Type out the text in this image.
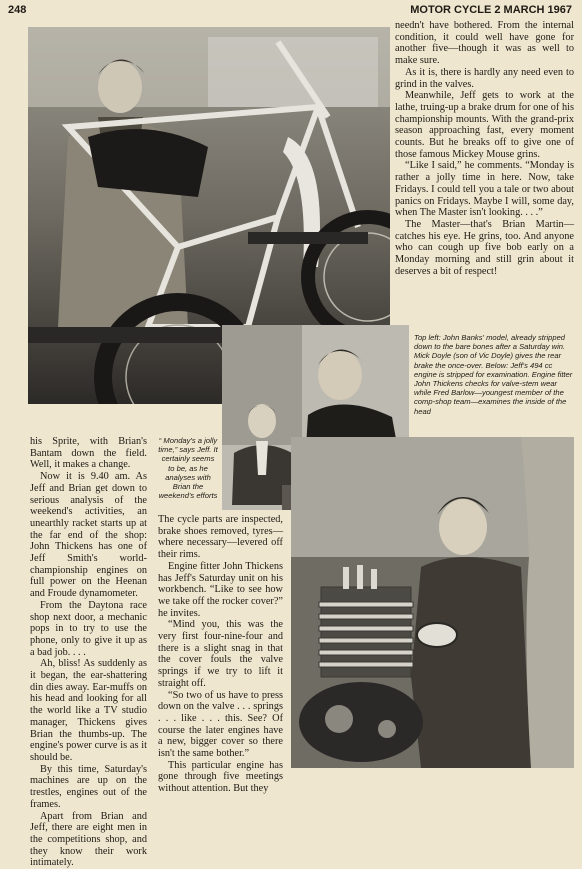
248	MOTOR CYCLE 2 MARCH 1967

needn't have bothered. From the internal condition, it could well have gone for another five—though it was as well to make sure.

As it is, there is hardly any need even to grind in the valves.

Meanwhile, Jeff gets to work at the lathe, truing-up a brake drum for one of his championship mounts. With the grand-prix season approaching fast, every moment counts. But he breaks off to give one of those famous Mickey Mouse grins.

“Like I said,” he comments. “Monday is rather a jolly time in here. Now, take Fridays. I could tell you a tale or two about panics on Fridays. Maybe I will, some day, when The Master isn't looking. . . .”

The Master—that's Brian Martin—catches his eye. He grins, too. And anyone who can cough up five bob early on a Monday morning and still grin about it deserves a bit of respect!

Top left: John Banks' model, already stripped down to the bare bones after a Saturday win. Mick Doyle (son of Vic Doyle) gives the rear brake the once-over. Below: Jeff's 494 cc engine is stripped for examination. Engine fitter John Thickens checks for valve-stem wear while Fred Barlow—youngest member of the comp-shop team—examines the inside of the head
“ Monday's a jolly time,” says Jeff. It certainly seems to be, as he analyses with Brian the weekend's efforts

his Sprite, with Brian's Bantam down the field. Well, it makes a change.

Now it is 9.40 am. As Jeff and Brian get down to serious analysis of the weekend's activities, an unearthly racket starts up at the far end of the shop: John Thickens has one of Jeff Smith's world-championship engines on full power on the Heenan and Froude dynamometer.

From the Daytona race shop next door, a mechanic pops in to try to use the phone, only to give it up as a bad job. . . .

Ah, bliss! As suddenly as it began, the ear-shattering din dies away. Ear-muffs on his head and looking for all the world like a TV studio manager, Thickens gives Brian the thumbs-up. The engine's power curve is as it should be.

By this time, Saturday's machines are up on the trestles, engines out of the frames.

Apart from Brian and Jeff, there are eight men in the competitions shop, and they know their work intimately.

The cycle parts are inspected, brake shoes removed, tyres—where necessary—levered off their rims.

Engine fitter John Thickens has Jeff's Saturday unit on his workbench. “Like to see how we take off the rocker cover?” he invites.

“Mind you, this was the very first four-nine-four and there is a slight snag in that the cover fouls the valve springs if we try to lift it straight off.

“So two of us have to press down on the valve . . . springs . . . like . . . this. See? Of course the later engines have a new, bigger cover so there isn't the same bother.”

This particular engine has gone through five meetings without attention. But they
